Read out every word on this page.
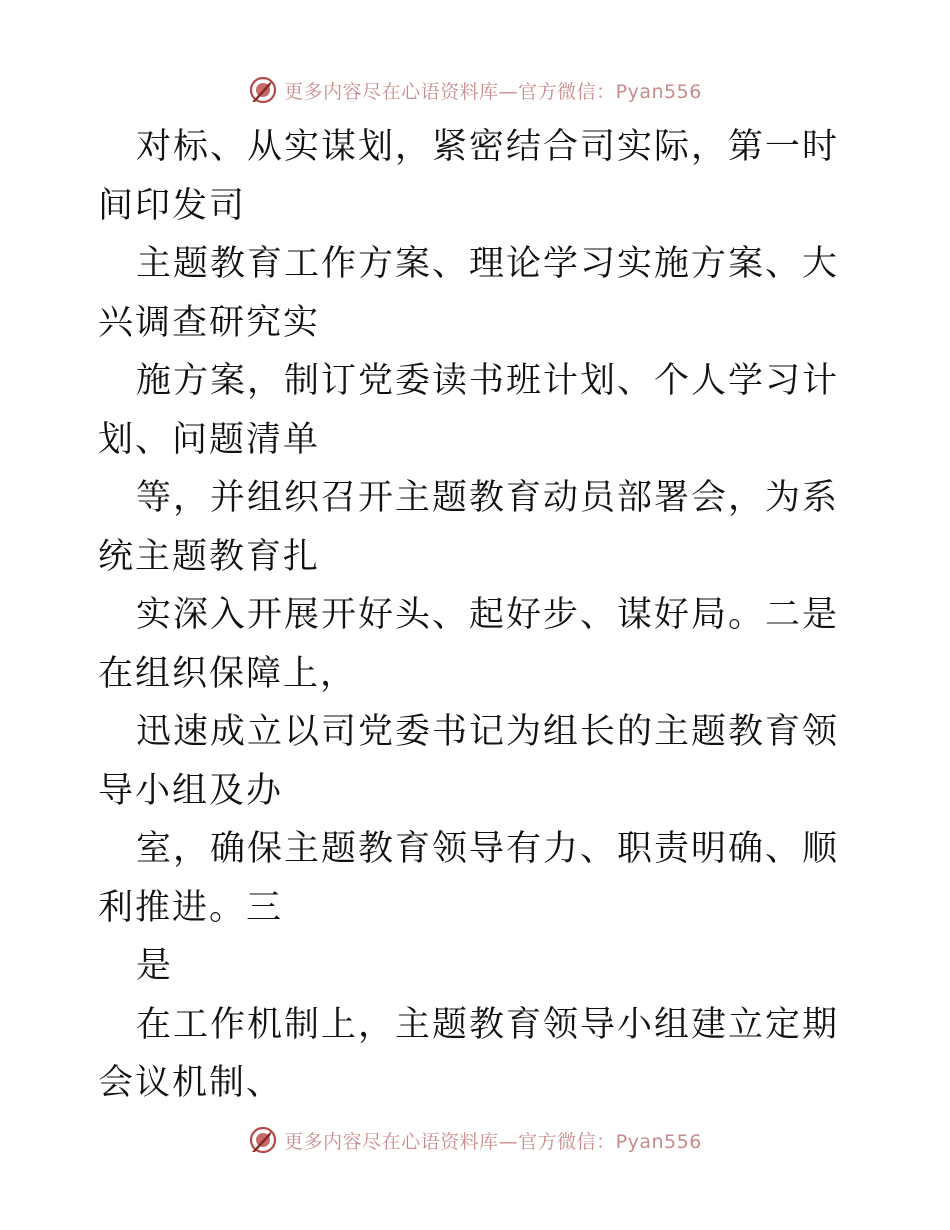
更多内容尽在心语资料库—官方微信：Pyan556

对标、从实谋划，紧密结合司实际，第一时间印发司

主题教育工作方案、理论学习实施方案、大兴调查研究实

施方案，制订党委读书班计划、个人学习计划、问题清单

等，并组织召开主题教育动员部署会，为系统主题教育扎

实深入开展开好头、起好步、谋好局。二是在组织保障上，

迅速成立以司党委书记为组长的主题教育领导小组及办

室，确保主题教育领导有力、职责明确、顺利推进。三

是

在工作机制上，主题教育领导小组建立定期会议机制、

更多内容尽在心语资料库—官方微信：Pyan556
